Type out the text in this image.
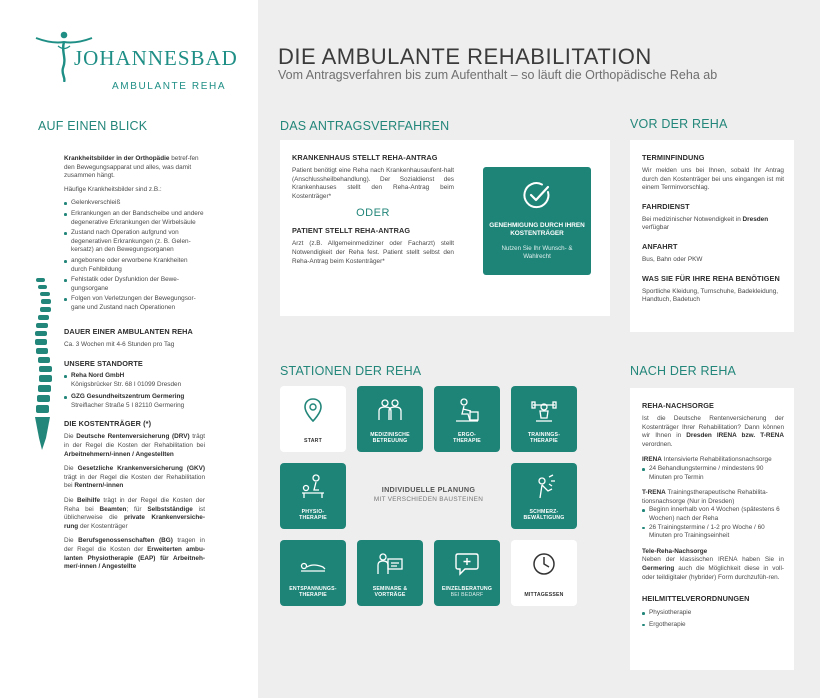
JOHANNESBAD
AMBULANTE REHA
DIE AMBULANTE REHABILITATION
Vom Antragsverfahren bis zum Aufenthalt – so läuft die Orthopädische Reha ab
AUF EINEN BLICK
Krankheitsbilder in der Orthopädie betref-fen den Bewegungsapparat und alles, was damit zusammen hängt.
Häufige Krankheitsbilder sind z.B.:
Gelenkverschleiß
Erkrankungen an der Bandscheibe und andere degenerative Erkrankungen der Wirbelsäule
Zustand nach Operation aufgrund von degenerativen Erkrankungen (z. B. Gelen-kersatz) an den Bewegungsorganen
angeborene oder erworbene Krankheiten durch Fehlbildung
Fehlstatik oder Dysfunktion der Bewe-gungsorgane
Folgen von Verletzungen der Bewegungsor-gane und Zustand nach Operationen
DAUER EINER AMBULANTEN REHA
Ca. 3 Wochen mit 4-6 Stunden pro Tag
UNSERE STANDORTE
Reha Nord GmbH
Königsbrücker Str. 68 I 01099 Dresden
GZG Gesundheitszentrum Germering
Streiflacher Straße 5 I 82110 Germering
DIE KOSTENTRÄGER (*)
Die Deutsche Rentenversicherung (DRV) trägt in der Regel die Kosten der Rehabilitation bei Arbeitnehmern/-innen / Angestellten
Die Gesetzliche Krankenversicherung (GKV) trägt in der Regel die Kosten der Rehabilitation bei Rentnern/-innen
Die Beihilfe trägt in der Regel die Kosten der Reha bei Beamten; für Selbstständige ist üblicherweise die private Krankenversiche-rung der Kostenträger
Die Berufsgenossenschaften (BG) tragen in der Regel die Kosten der Erweiterten ambu-lanten Physiotherapie (EAP) für Arbeitneh-mer/-innen / Angestellte
DAS ANTRAGSVERFAHREN
KRANKENHAUS STELLT REHA-ANTRAG
Patient benötigt eine Reha nach Krankenhausaufent-halt (Anschlussheilbehandlung). Der Sozialdienst des Krankenhauses stellt den Reha-Antrag beim Kostenträger*
ODER
PATIENT STELLT REHA-ANTRAG
Arzt (z.B. Allgemeinmediziner oder Facharzt) stellt Notwendigkeit der Reha fest. Patient stellt selbst den Reha-Antrag beim Kostenträger*
GENEHMIGUNG DURCH IHREN KOSTENTRÄGER
Nutzen Sie Ihr Wunsch- & Wahlrecht
VOR DER REHA
TERMINFINDUNG
Wir melden uns bei Ihnen, sobald Ihr Antrag durch den Kostenträger bei uns eingangen ist mit einem Terminvorschlag.
FAHRDIENST
Bei medizinischer Notwendigkeit in Dresden verfügbar
ANFAHRT
Bus, Bahn oder PKW
WAS SIE FÜR IHRE REHA BENÖTIGEN
Sportliche Kleidung, Turnschuhe, Badekleidung, Handtuch, Badetuch
STATIONEN DER REHA
START
MEDIZINISCHE
BETREUUNG
ERGO-
THERAPIE
TRAININGS-
THERAPIE
PHYSIO-
THERAPIE
INDIVIDUELLE PLANUNG
MIT VERSCHIEDEN BAUSTEINEN
SCHMERZ-
BEWÄLTIGUNG
ENTSPANNUNGS-
THERAPIE
SEMINARE &
VORTRÄGE
EINZELBERATUNG

BEI BEDARF	MITTAGESSEN
NACH DER REHA
REHA-NACHSORGE
Ist die Deutsche Rentenversicherung der Kostenträger Ihrer Rehabilitation? Dann können wir Ihnen in Dresden IRENA bzw. T-RENA verordnen.
IRENA Intensivierte Rehabilitationsnachsorge
24 Behandlungstermine / mindestens 90 Minuten pro Termin
T-RENA Trainingstherapeutische Rehabilita-tionsnachsorge (Nur in Dresden)
Beginn innerhalb von 4 Wochen (spätestens 6 Wochen) nach der Reha
26 Trainingstermine / 1-2 pro Woche / 60 Minuten pro Trainingseinheit
Tele-Reha-Nachsorge
Neben der klassischen IRENA haben Sie in Germering auch die Möglichkeit diese in voll-oder teildigitaler (hybrider) Form durchzufüh-ren.
HEILMITTELVERORDNUNGEN
Physiotherapie
Ergotherapie
